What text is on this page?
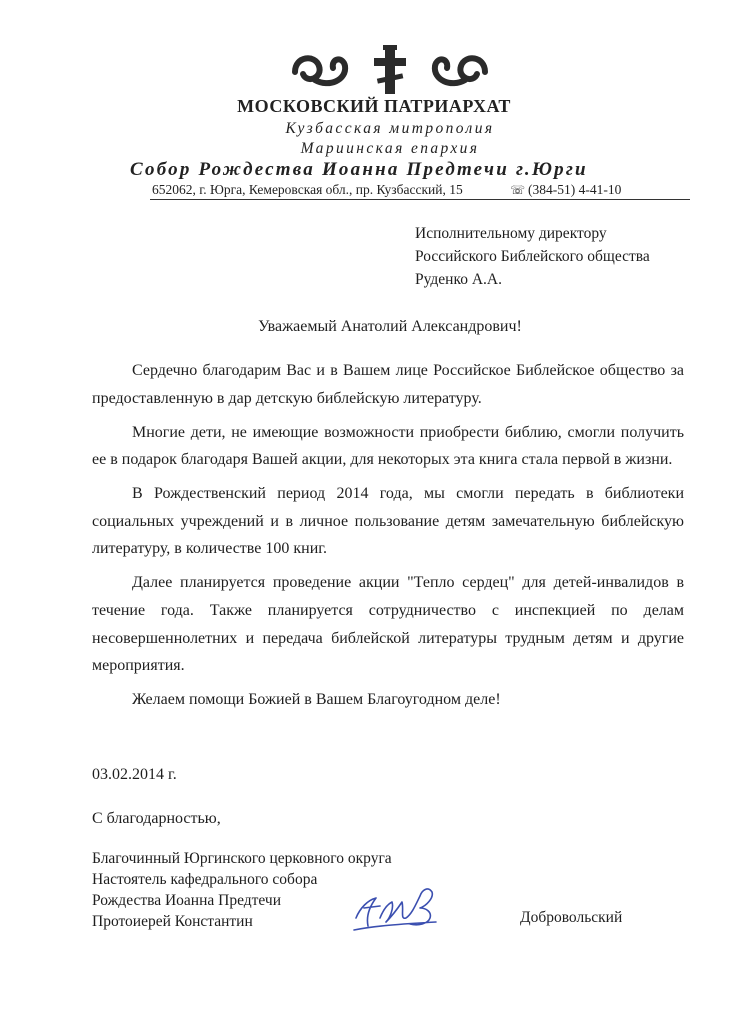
МОСКОВСКИЙ ПАТРИАРХАТ
Кузбасская митрополия
Мариинская епархия
Собор Рождества Иоанна Предтечи г.Юрги
652062, г. Юрга, Кемеровская обл., пр. Кузбасский, 15	☏ (384-51) 4-41-10
Исполнительному директору
Российского Библейского общества
Руденко А.А.
Уважаемый Анатолий Александрович!

Сердечно благодарим Вас и в Вашем лице Российское Библейское общество за предоставленную в дар детскую библейскую литературу.

Многие дети, не имеющие возможности приобрести библию, смогли получить ее в подарок благодаря Вашей акции, для некоторых эта книга стала первой в жизни.

В Рождественский период 2014 года, мы смогли передать в библиотеки социальных учреждений и в личное пользование детям замечательную библейскую литературу, в количестве 100 книг.

Далее планируется проведение акции "Тепло сердец" для детей-инвалидов в течение года. Также планируется сотрудничество с инспекцией по делам несовершеннолетних и передача библейской литературы трудным детям и другие мероприятия.

Желаем помощи Божией в Вашем Благоугодном деле!

03.02.2014 г.
С благодарностью,
Благочинный Юргинского церковного округа
Настоятель кафедрального собора
Рождества Иоанна Предтечи
Протоиерей Константин	Добровольский
